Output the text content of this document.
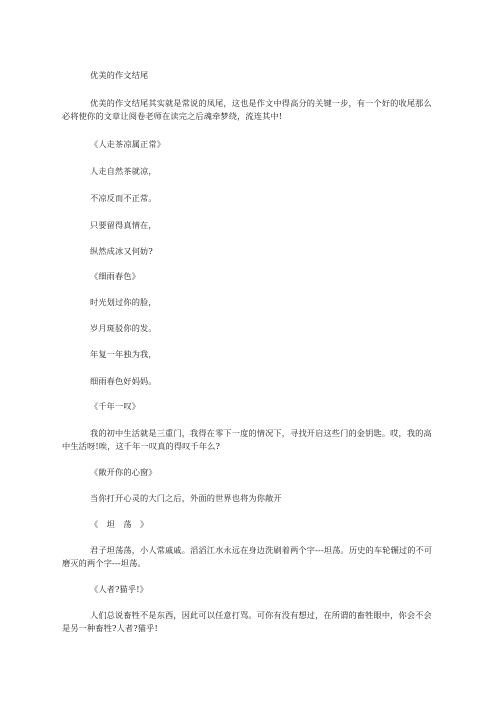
优美的作文结尾

优美的作文结尾其实就是常说的凤尾，这也是作文中得高分的关键一步，有一个好的收尾那么必将使你的文章让阅卷老师在读完之后魂牵梦绕，流连其中!

《人走茶凉属正常》

人走自然茶就凉，

不凉反而不正常。

只要留得真情在，

纵然成冰又何妨?

《细雨春色》

时光划过你的脸，

岁月斑驳你的发。

年复一年独为我，

细雨春色好妈妈。

《千年一叹》

我的初中生活就是三重门，我得在零下一度的情况下，寻找开启这些门的金钥匙。哎，我的高中生活呀!唉，这千年一叹真的得叹千年么?

《敞开你的心窗》

当你打开心灵的大门之后，外面的世界也将为你敞开

《　坦　荡　》

君子坦荡荡，小人常戚戚。滔滔江水永远在身边洗刷着两个字---坦荡。历史的车轮辗过的不可磨灭的两个字---坦荡。

《人者?猫乎!》

人们总说畜牲不是东西，因此可以任意打骂。可你有没有想过，在所谓的畜牲眼中，你会不会是另一种畜牲?人者?猫乎!
